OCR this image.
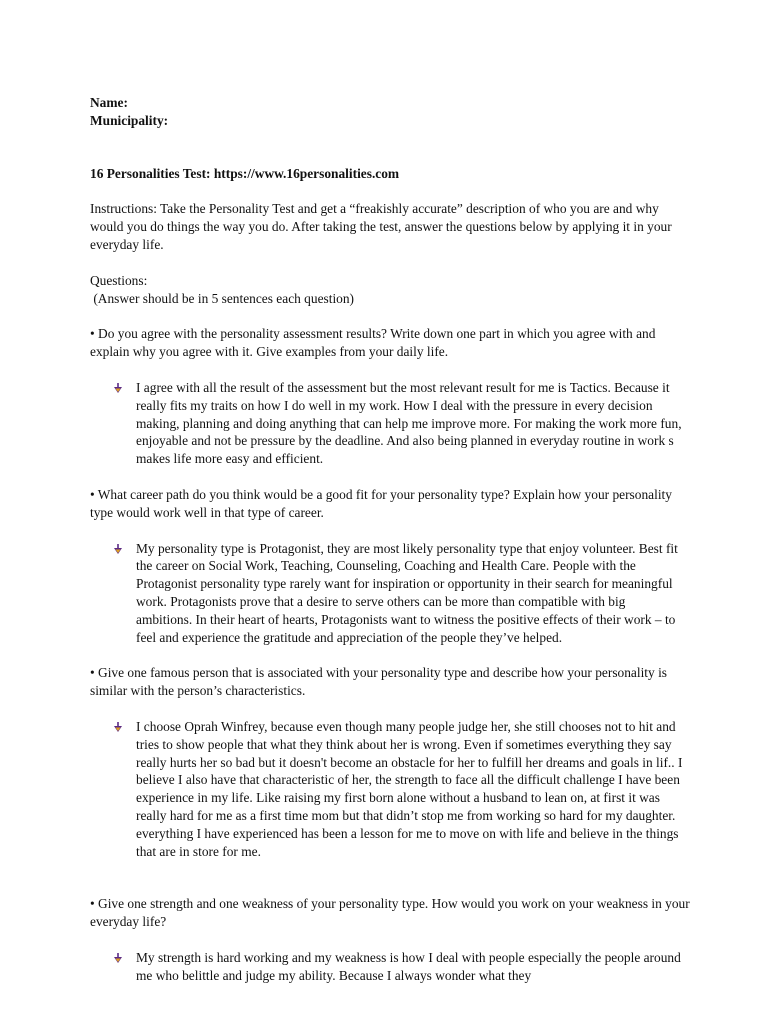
Name:

Municipality:

16 Personalities Test: https://www.16personalities.com

Instructions: Take the Personality Test and get a “freakishly accurate” description of who you are and why would you do things the way you do. After taking the test, answer the questions below by applying it in your everyday life.

Questions:

(Answer should be in 5 sentences each question)

• Do you agree with the personality assessment results? Write down one part in which you agree with and explain why you agree with it. Give examples from your daily life.

I agree with all the result of the assessment but the most relevant result for me is Tactics. Because it really fits my traits on how I do well in my work. How I deal with the pressure in every decision making, planning and doing anything that can help me improve more. For making the work more fun, enjoyable and not be pressure by the deadline. And also being planned in everyday routine in work s makes life more easy and efficient.

• What career path do you think would be a good fit for your personality type? Explain how your personality type would work well in that type of career.

My personality type is Protagonist, they are most likely personality type that enjoy volunteer. Best fit the career on Social Work, Teaching, Counseling, Coaching and Health Care. People with the Protagonist personality type rarely want for inspiration or opportunity in their search for meaningful work. Protagonists prove that a desire to serve others can be more than compatible with big ambitions. In their heart of hearts, Protagonists want to witness the positive effects of their work – to feel and experience the gratitude and appreciation of the people they’ve helped.

• Give one famous person that is associated with your personality type and describe how your personality is similar with the person’s characteristics.

I choose Oprah Winfrey, because even though many people judge her, she still chooses not to hit and tries to show people that what they think about her is wrong. Even if sometimes everything they say really hurts her so bad but it doesn't become an obstacle for her to fulfill her dreams and goals in lif.. I believe I also have that characteristic of her, the strength to face all the difficult challenge I have been experience in my life. Like raising my first born alone without a husband to lean on, at first it was really hard for me as a first time mom but that didn’t stop me from working so hard for my daughter. everything I have experienced has been a lesson for me to move on with life and believe in the things that are in store for me.

• Give one strength and one weakness of your personality type. How would you work on your weakness in your everyday life?

My strength is hard working and my weakness is how I deal with people especially the people around me who belittle and judge my ability. Because I always wonder what they
